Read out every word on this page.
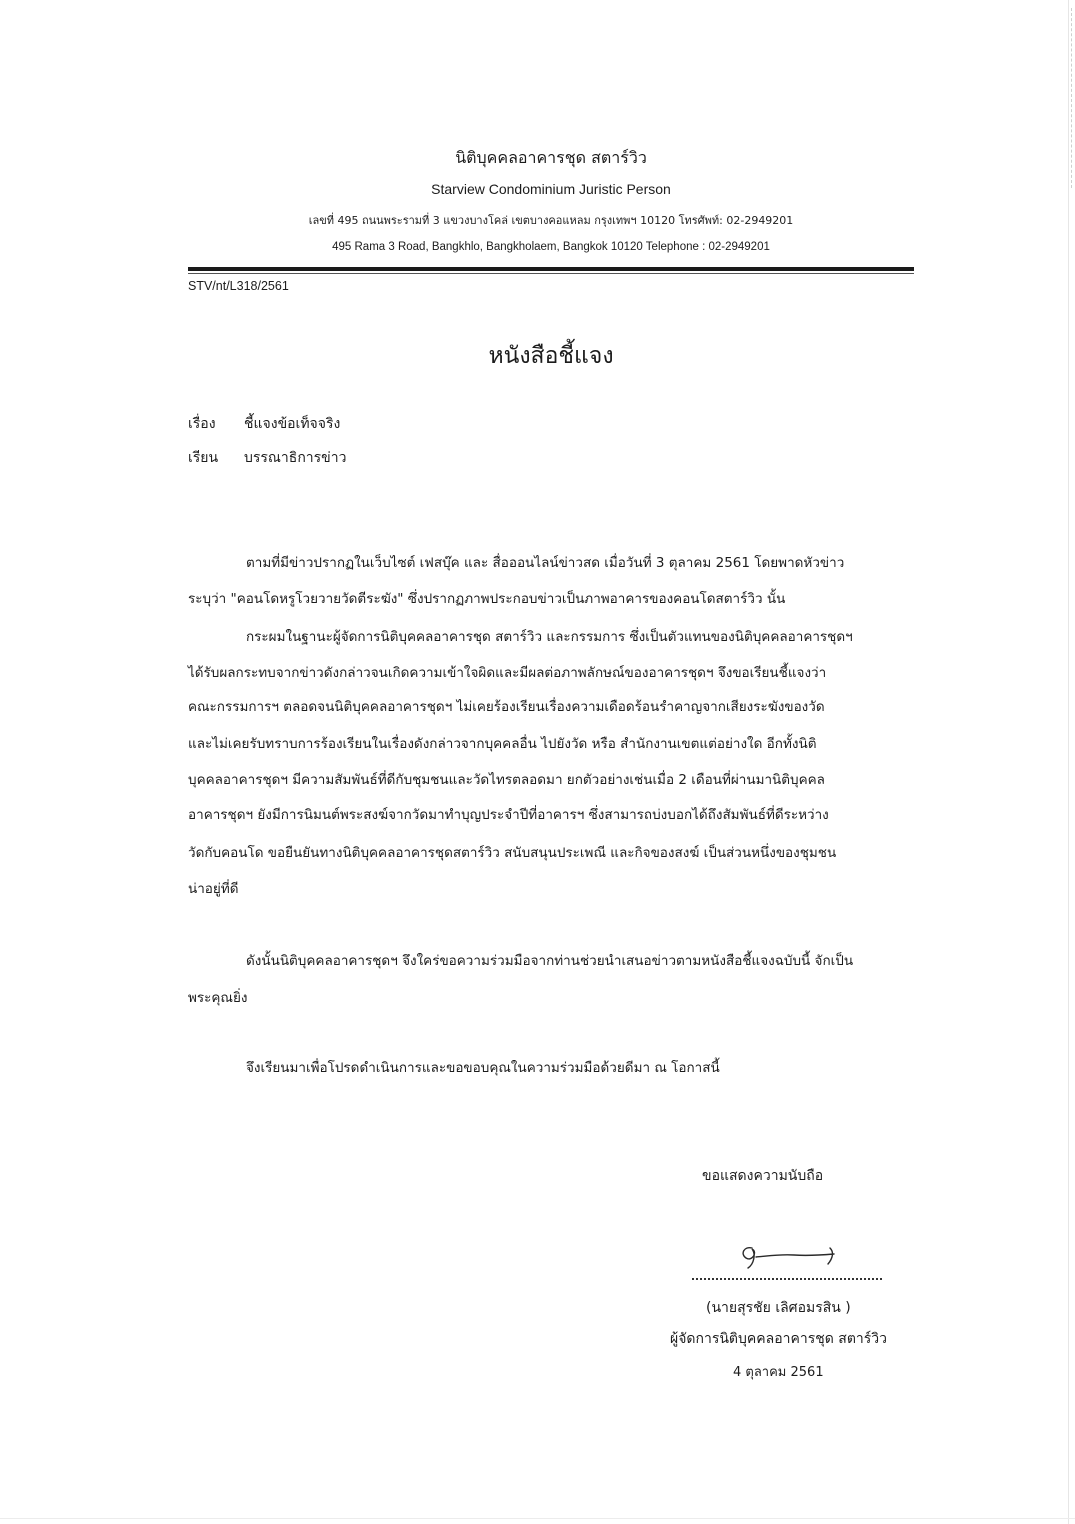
นิติบุคคลอาคารชุด สตาร์วิว
Starview Condominium Juristic Person
เลขที่ 495 ถนนพระรามที่ 3 แขวงบางโคล่ เขตบางคอแหลม กรุงเทพฯ 10120 โทรศัพท์: 02-2949201
495 Rama 3 Road, Bangkhlo, Bangkholaem, Bangkok 10120 Telephone : 02-2949201
STV/nt/L318/2561
หนังสือชี้แจง
เรื่อง ชี้แจงข้อเท็จจริง
เรียน บรรณาธิการข่าว
ตามที่มีข่าวปรากฏในเว็บไซต์ เฟสบุ๊ค และ สื่อออนไลน์ข่าวสด เมื่อวันที่ 3 ตุลาคม 2561 โดยพาดหัวข่าว
ระบุว่า "คอนโดหรูโวยวายวัดตีระฆัง" ซึ่งปรากฏภาพประกอบข่าวเป็นภาพอาคารของคอนโดสตาร์วิว นั้น
กระผมในฐานะผู้จัดการนิติบุคคลอาคารชุด สตาร์วิว และกรรมการ ซึ่งเป็นตัวแทนของนิติบุคคลอาคารชุดฯ
ได้รับผลกระทบจากข่าวดังกล่าวจนเกิดความเข้าใจผิดและมีผลต่อภาพลักษณ์ของอาคารชุดฯ จึงขอเรียนชี้แจงว่า
คณะกรรมการฯ ตลอดจนนิติบุคคลอาคารชุดฯ ไม่เคยร้องเรียนเรื่องความเดือดร้อนรำคาญจากเสียงระฆังของวัด
และไม่เคยรับทราบการร้องเรียนในเรื่องดังกล่าวจากบุคคลอื่น ไปยังวัด หรือ สำนักงานเขตแต่อย่างใด อีกทั้งนิติ
บุคคลอาคารชุดฯ มีความสัมพันธ์ที่ดีกับชุมชนและวัดไทรตลอดมา ยกตัวอย่างเช่นเมื่อ 2 เดือนที่ผ่านมานิติบุคคล
อาคารชุดฯ ยังมีการนิมนต์พระสงฆ์จากวัดมาทำบุญประจำปีที่อาคารฯ ซึ่งสามารถบ่งบอกได้ถึงสัมพันธ์ที่ดีระหว่าง
วัดกับคอนโด ขอยืนยันทางนิติบุคคลอาคารชุดสตาร์วิว สนับสนุนประเพณี และกิจของสงฆ์ เป็นส่วนหนึ่งของชุมชน
น่าอยู่ที่ดี
ดังนั้นนิติบุคคลอาคารชุดฯ จึงใคร่ขอความร่วมมือจากท่านช่วยนำเสนอข่าวตามหนังสือชี้แจงฉบับนี้ จักเป็น
พระคุณยิ่ง
จึงเรียนมาเพื่อโปรดดำเนินการและขอขอบคุณในความร่วมมือด้วยดีมา ณ โอกาสนี้
ขอแสดงความนับถือ
(นายสุรชัย เลิศอมรสิน )
ผู้จัดการนิติบุคคลอาคารชุด สตาร์วิว
4 ตุลาคม 2561
